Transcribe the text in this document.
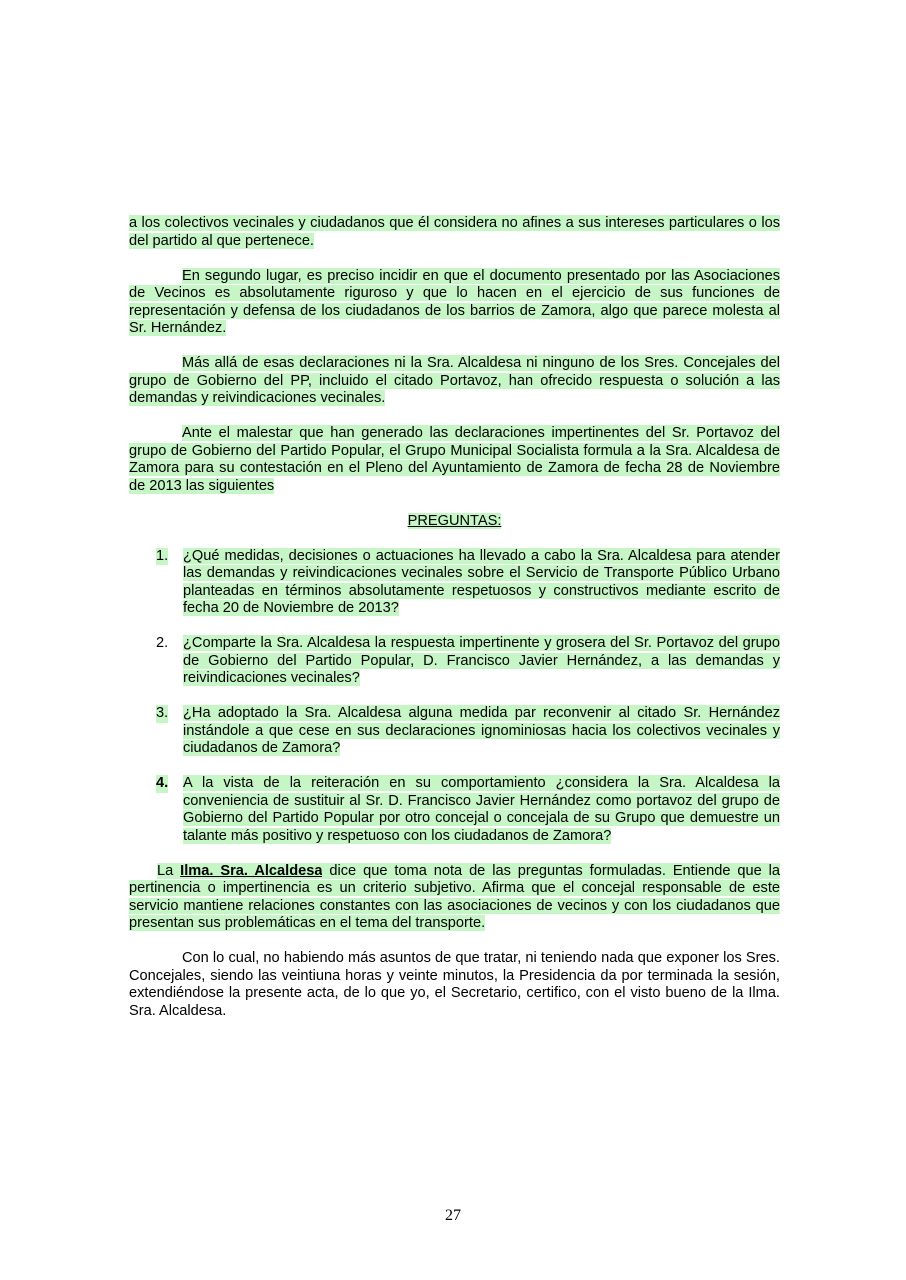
a los colectivos vecinales y ciudadanos que él considera no afines a sus intereses particulares o los del partido al que pertenece.

En segundo lugar, es preciso incidir en que el documento presentado por las Asociaciones de Vecinos es absolutamente riguroso y que lo hacen en el ejercicio de sus funciones de representación y defensa de los ciudadanos de los barrios de Zamora, algo que parece molesta al Sr. Hernández.

Más allá de esas declaraciones ni la Sra. Alcaldesa ni ninguno de los Sres. Concejales del grupo de Gobierno del PP, incluido el citado Portavoz, han ofrecido respuesta o solución a las demandas y reivindicaciones vecinales.

Ante el malestar que han generado las declaraciones impertinentes del Sr. Portavoz del grupo de Gobierno del Partido Popular, el Grupo Municipal Socialista formula a la Sra. Alcaldesa de Zamora para su contestación en el Pleno del Ayuntamiento de Zamora de fecha 28 de Noviembre de 2013 las siguientes

PREGUNTAS:

1. ¿Qué medidas, decisiones o actuaciones ha llevado a cabo la Sra. Alcaldesa para atender las demandas y reivindicaciones vecinales sobre el Servicio de Transporte Público Urbano planteadas en términos absolutamente respetuosos y constructivos mediante escrito de fecha 20 de Noviembre de 2013?
2. ¿Comparte la Sra. Alcaldesa la respuesta impertinente y grosera del Sr. Portavoz del grupo de Gobierno del Partido Popular, D. Francisco Javier Hernández, a las demandas y reivindicaciones vecinales?
3. ¿Ha adoptado la Sra. Alcaldesa alguna medida par reconvenir al citado Sr. Hernández instándole a que cese en sus declaraciones ignominiosas hacia los colectivos vecinales y ciudadanos de Zamora?
4. A la vista de la reiteración en su comportamiento ¿considera la Sra. Alcaldesa la conveniencia de sustituir al Sr. D. Francisco Javier Hernández como portavoz del grupo de Gobierno del Partido Popular por otro concejal o concejala de su Grupo que demuestre un talante más positivo y respetuoso con los ciudadanos de Zamora?

La Ilma. Sra. Alcaldesa dice que toma nota de las preguntas formuladas. Entiende que la pertinencia o impertinencia es un criterio subjetivo. Afirma que el concejal responsable de este servicio mantiene relaciones constantes con las asociaciones de vecinos y con los ciudadanos que presentan sus problemáticas en el tema del transporte.

Con lo cual, no habiendo más asuntos de que tratar, ni teniendo nada que exponer los Sres. Concejales, siendo las veintiuna horas y veinte minutos, la Presidencia da por terminada la sesión, extendiéndose la presente acta, de lo que yo, el Secretario, certifico, con el visto bueno de la Ilma. Sra. Alcaldesa.

27
